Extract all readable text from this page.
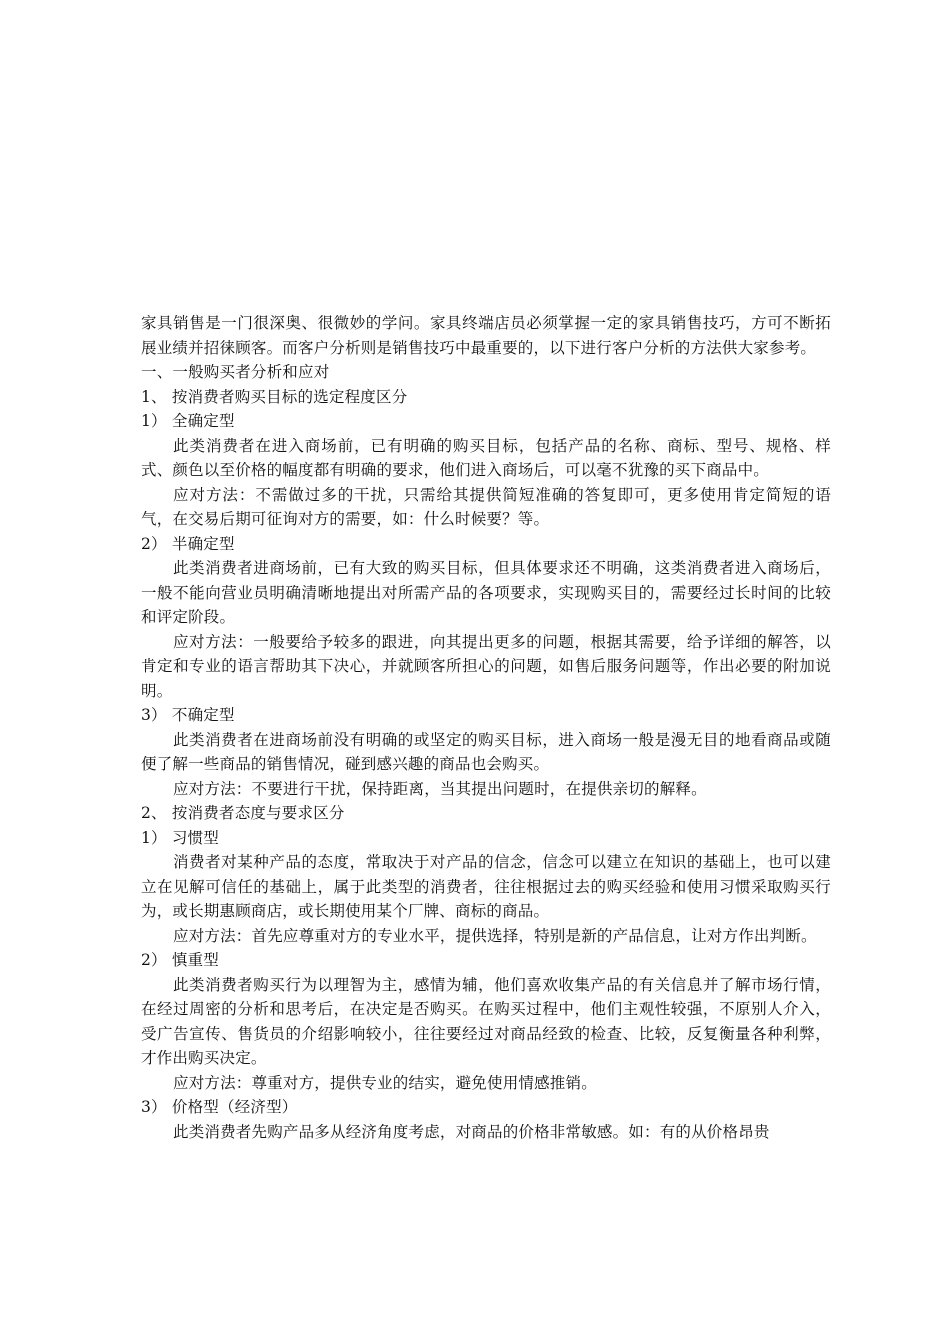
家具销售是一门很深奥、很微妙的学问。家具终端店员必须掌握一定的家具销售技巧，方可不断拓展业绩并招徕顾客。而客户分析则是销售技巧中最重要的，以下进行客户分析的方法供大家参考。

一、一般购买者分析和应对

1、 按消费者购买目标的选定程度区分

1） 全确定型

此类消费者在进入商场前，已有明确的购买目标，包括产品的名称、商标、型号、规格、样式、颜色以至价格的幅度都有明确的要求，他们进入商场后，可以毫不犹豫的买下商品中。

应对方法：不需做过多的干扰，只需给其提供简短准确的答复即可，更多使用肯定简短的语气，在交易后期可征询对方的需要，如：什么时候要？等。

2） 半确定型

此类消费者进商场前，已有大致的购买目标，但具体要求还不明确，这类消费者进入商场后，一般不能向营业员明确清晰地提出对所需产品的各项要求，实现购买目的，需要经过长时间的比较和评定阶段。

应对方法：一般要给予较多的跟进，向其提出更多的问题，根据其需要，给予详细的解答，以肯定和专业的语言帮助其下决心，并就顾客所担心的问题，如售后服务问题等，作出必要的附加说明。

3） 不确定型

此类消费者在进商场前没有明确的或坚定的购买目标，进入商场一般是漫无目的地看商品或随便了解一些商品的销售情况，碰到感兴趣的商品也会购买。

应对方法：不要进行干扰，保持距离，当其提出问题时，在提供亲切的解释。

2、 按消费者态度与要求区分

1） 习惯型

消费者对某种产品的态度，常取决于对产品的信念，信念可以建立在知识的基础上，也可以建立在见解可信任的基础上，属于此类型的消费者，往往根据过去的购买经验和使用习惯采取购买行为，或长期惠顾商店，或长期使用某个厂牌、商标的商品。

应对方法：首先应尊重对方的专业水平，提供选择，特别是新的产品信息，让对方作出判断。

2） 慎重型

此类消费者购买行为以理智为主，感情为辅，他们喜欢收集产品的有关信息并了解市场行情，在经过周密的分析和思考后，在决定是否购买。在购买过程中，他们主观性较强，不原别人介入，受广告宣传、售货员的介绍影响较小，往往要经过对商品经致的检查、比较，反复衡量各种利弊，才作出购买决定。

应对方法：尊重对方，提供专业的结实，避免使用情感推销。

3） 价格型（经济型）

此类消费者先购产品多从经济角度考虑，对商品的价格非常敏感。如：有的从价格昂贵
